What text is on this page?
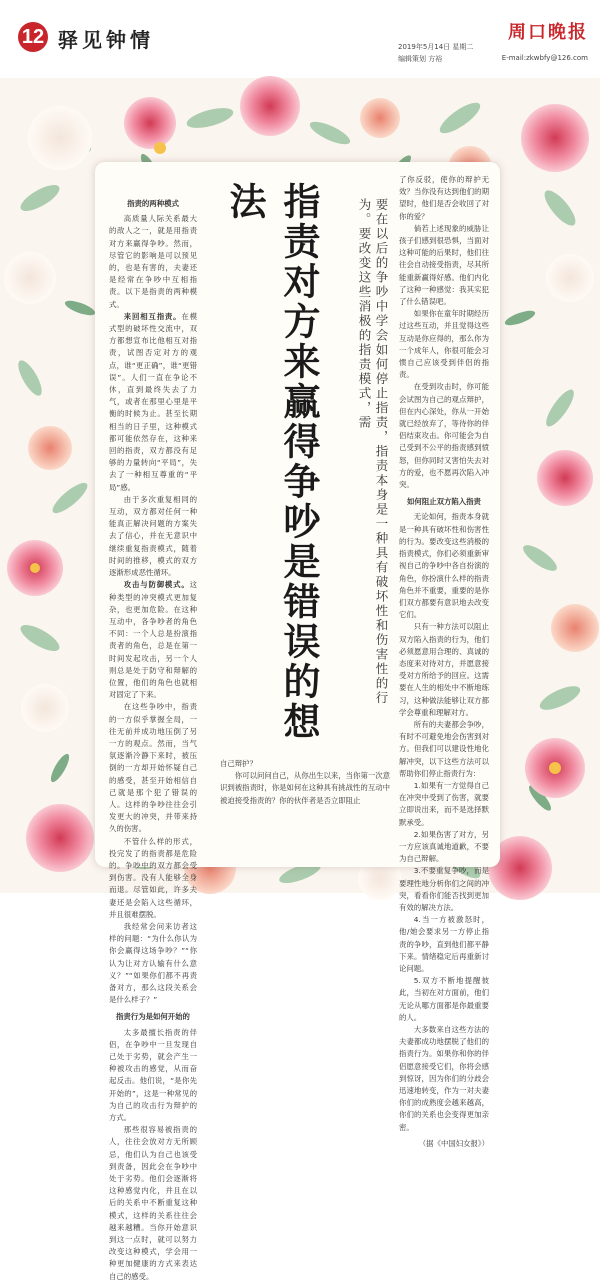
12 驿见钟情	周口晚报
2019年5月14日 星期二
编辑策划 方裕	E-mail:zkwbfy@126.com

指责的两种模式

高质量人际关系最大的敌人之一，就是用指责对方来赢得争吵。然而，尽管它的影响是可以预见的，也是有害的，夫妻还是经常在争吵中互相指责。以下是指责的两种模式。

来回相互指责。在模式型的破坏性交流中，双方都想宣布比他相互对指责，试图否定对方的观点，谁“更正确”，谁“更错误”。人们一直在争论不休，直到最终失去了力气，或者在那里心里是平衡的时候为止。甚至长期相当的日子里，这种模式都可能依然存在，这种来回的指责，双方都没有足够的力量转向“平局”，失去了一种相互尊重的“平局”感。

由于多次重复相同的互动，双方都对任何一种能真正解决问题的方案失去了信心，并在无意识中继续重复指责模式，随着时间的推移，模式的双方逐渐形成恶性循环。

攻击与防御模式。这种类型的冲突模式更加复杂，也更加危险。在这种互动中，各争吵者的角色不同：一个人总是扮演指责者的角色，总是在第一时间发起攻击，另一个人则总是处于防守和辩解的位置，他们的角色也就相对固定了下来。

在这些争吵中，指责的一方似乎掌握全局，一往无前并成功地压倒了另一方的观点。然而，当气氛逐渐冷静下来时，被压倒的一方却开始怀疑自己的感受，甚至开始相信自己就是那个犯了错误的人。这样的争吵往往会引发更大的冲突，并带来持久的伤害。

不管什么样的形式，投完发了的指责都是危险的。争吵中的双方都会受到伤害。没有人能够全身而退。尽管如此，许多夫妻还是会陷入这些循环，并且很难摆脱。

我经常会问来访者这样的问题：“为什么你认为你会赢得这场争吵？”“你认为让对方认输有什么意义？”“如果你们都不再责备对方，那么这段关系会是什么样子？”

指责行为是如何开始的

太多最擅长指责的伴侣，在争吵中一旦发现自己处于劣势，就会产生一种被攻击的感觉，从而奋起反击。他们说，“是你先开始的”，这是一种常见的为自己的攻击行为辩护的方式。

那些很容易被指责的人，往往会放对方无所顾忌，他们认为自己也该受到责备，因此会在争吵中处于劣势。他们会逐渐将这种感觉内化，并且在以后的关系中不断重复这种模式，这样的关系往往会越来越糟。当你开始意识到这一点时，就可以努力改变这种模式，学会用一种更加健康的方式来表达自己的感受。

指责对方来赢得争吵是错误的想法	要在以后的争吵中学会如何停止指责，指责本身是一种具有破坏性和伤害性的行为。要改变这些消极的指责模式，需

自己辩护？

你可以问问自己，从你出生以来，当你第一次意识到被指责时，你是如何在这种具有挑战性的互动中被迫接受指责的？你的伙伴者是否立即阻止

了你反驳，使你的辩护无效？当你没有达到他们的期望时，他们是否会收回了对你的爱？

倘若上述现象的威胁让孩子们感到很恐惧，当面对这种可能的后果时，他们往往会自动接受指责，尽其所能重新赢得好感。他们内化了这种一种感觉：我其实犯了什么错误吧。

如果你在童年时期经历过这些互动，并且觉得这些互动是你应得的，那么你为一个成年人，你很可能会习惯自己应该受到伴侣的指责。

在受到攻击时，你可能会试图为自己的观点辩护，但在内心深处，你从一开始就已经放弃了，等待你的伴侣结束攻击。你可能会为自己受到不公平的指责感到愤怒，但你同时又害怕失去对方的爱，也不愿再次陷入冲突。

如何阻止双方陷入指责

无论如何，指责本身就是一种具有破坏性和伤害性的行为。要改变这些消极的指责模式，你们必须重新审视自己的争吵中各自扮演的角色，你扮演什么样的指责角色并不重要，重要的是你们双方都要有意识地去改变它们。

只有一种方法可以阻止双方陷入指责的行为，他们必须愿意用合理的、真诚的态度来对待对方，并愿意接受对方所给予的回应。这需要在人生的相处中不断地练习，这种做法能够让双方都学会尊重和理解对方。

所有的夫妻都会争吵，有时不可避免地会伤害到对方。但我们可以建设性地化解冲突，以下这些方法可以帮助你们停止指责行为：

1.如果有一方觉得自己在冲突中受到了伤害，就要立即说出来，而不是选择默默承受。

2.如果伤害了对方，另一方应该真诚地道歉，不要为自己辩解。

3.不要重复争吵，而是要理性地分析你们之间的冲突，看看你们能否找到更加有效的解决方法。

4.当一方被激怒时，他/她会要求另一方停止指责的争吵，直到他们都平静下来。情绪稳定后再重新讨论问题。

5.双方不断地提醒彼此，当初在对方面前，他们无论从哪方面都是你最重要的人。

大多数来自这些方法的夫妻都成功地摆脱了他们的指责行为。如果你和你的伴侣愿意接受它们，你将会感到惊讶，因为你们的分歧会迅速地转变，作为一对夫妻你们的成熟度会越来越高，你们的关系也会变得更加亲密。

（据《中国妇女报》）
